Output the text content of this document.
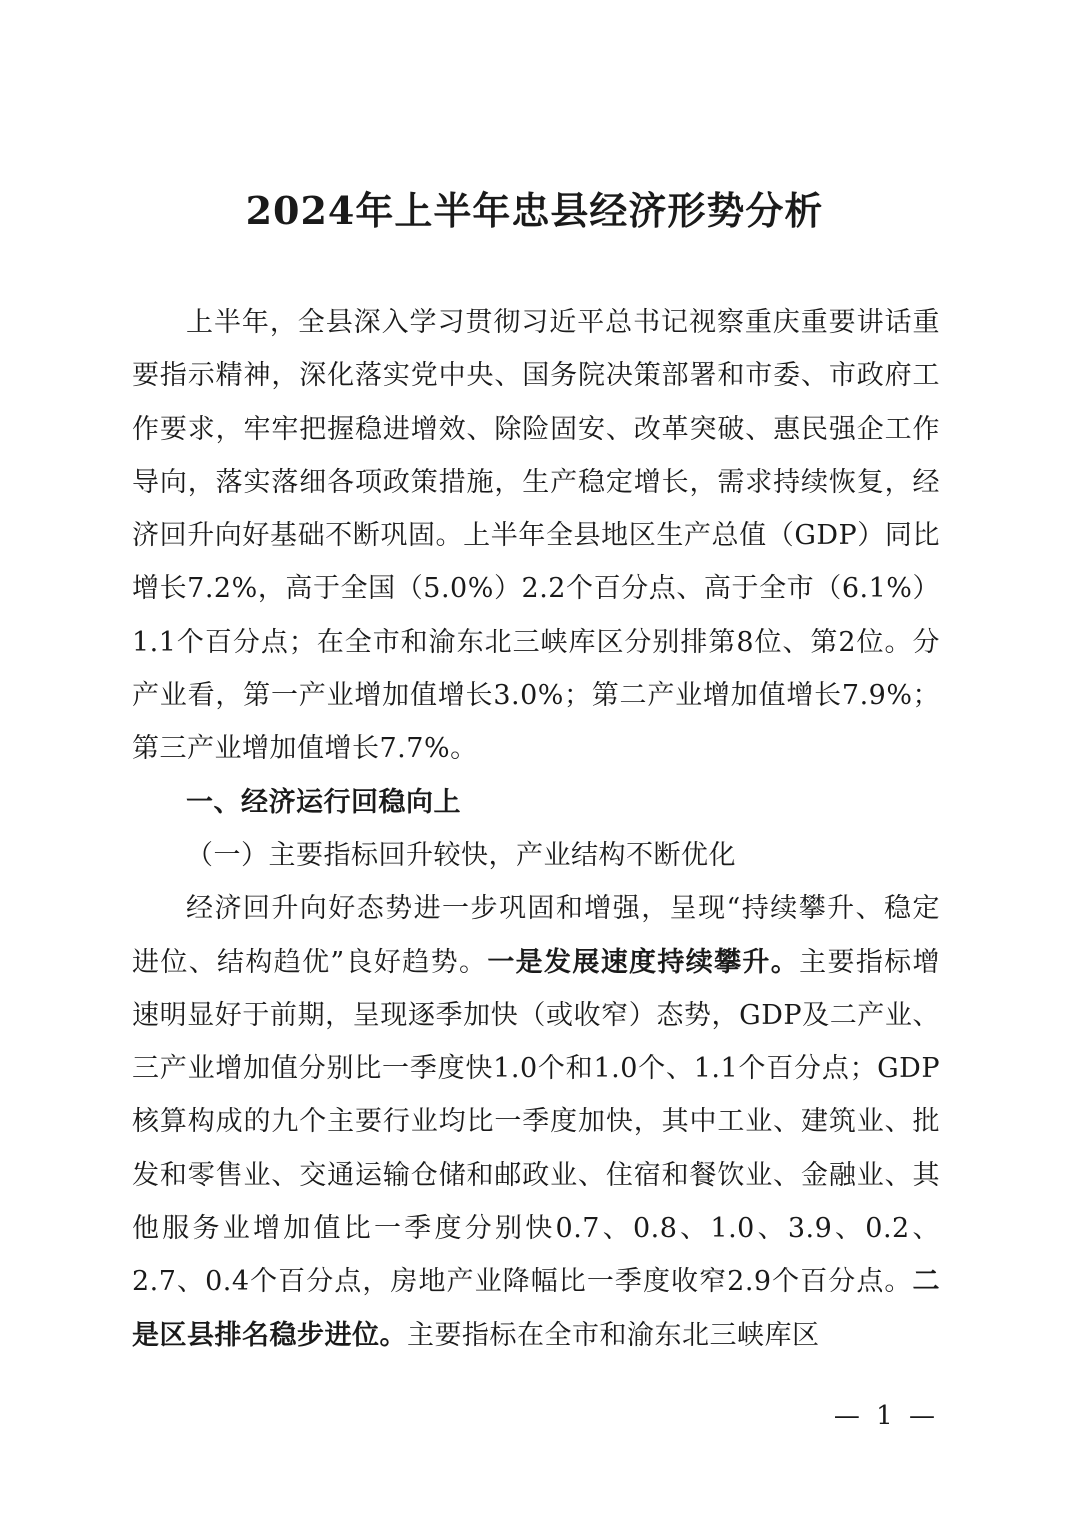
2024年上半年忠县经济形势分析

上半年，全县深入学习贯彻习近平总书记视察重庆重要讲话重要指示精神，深化落实党中央、国务院决策部署和市委、市政府工作要求，牢牢把握稳进增效、除险固安、改革突破、惠民强企工作导向，落实落细各项政策措施，生产稳定增长，需求持续恢复，经济回升向好基础不断巩固。上半年全县地区生产总值（GDP）同比增长7.2%，高于全国（5.0%）2.2个百分点、高于全市（6.1%）1.1个百分点；在全市和渝东北三峡库区分别排第8位、第2位。分产业看，第一产业增加值增长3.0%；第二产业增加值增长7.9%；第三产业增加值增长7.7%。

一、经济运行回稳向上

（一）主要指标回升较快，产业结构不断优化

经济回升向好态势进一步巩固和增强，呈现“持续攀升、稳定进位、结构趋优”良好趋势。一是发展速度持续攀升。主要指标增速明显好于前期，呈现逐季加快（或收窄）态势，GDP及二产业、三产业增加值分别比一季度快1.0个和1.0个、1.1个百分点；GDP核算构成的九个主要行业均比一季度加快，其中工业、建筑业、批发和零售业、交通运输仓储和邮政业、住宿和餐饮业、金融业、其他服务业增加值比一季度分别快0.7、0.8、1.0、3.9、0.2、2.7、0.4个百分点，房地产业降幅比一季度收窄2.9个百分点。二是区县排名稳步进位。主要指标在全市和渝东北三峡库区

— 1 —
